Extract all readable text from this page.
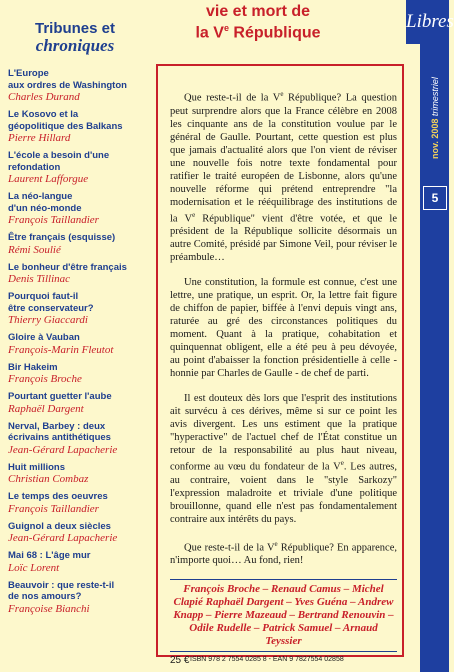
Libres
nov. 2008 trimestriel
5
Tribunes et
chroniques
L'Europe
aux ordres de Washington
Charles Durand
Le Kosovo et la
géopolitique des Balkans
Pierre Hillard
L'école a besoin d'une
refondation
Laurent Lafforgue
La néo-langue
d'un néo-monde
François Taillandier
Être français (esquisse)
Rémi Soulié
Le bonheur d'être français
Denis Tillinac
Pourquoi faut-il
être conservateur?
Thierry Giaccardi
Gloire à Vauban
François-Marin Fleutot
Bir Hakeim
François Broche
Pourtant guetter l'aube
Raphaël Dargent
Nerval, Barbey : deux
écrivains antithétiques
Jean-Gérard Lapacherie
Huit millions
Christian Combaz
Le temps des oeuvres
François Taillandier
Guignol a deux siècles
Jean-Gérard Lapacherie
Mai 68 : L'âge mur
Loïc Lorent
Beauvoir : que reste-t-il
de nos amours?
Françoise Bianchi
vie et mort de
la Ve République

Que reste-t-il de la Ve République? La question peut surprendre alors que la France célèbre en 2008 les cinquante ans de la constitution voulue par le général de Gaulle. Pourtant, cette question est plus que jamais d'actualité alors que l'on vient de réviser une nouvelle fois notre texte fondamental pour ratifier le traité européen de Lisbonne, alors qu'une nouvelle réforme qui prétend entreprendre "la modernisation et le rééquilibrage des institutions de la Ve République" vient d'être votée, et que le président de la République sollicite désormais un autre Comité, présidé par Simone Veil, pour réviser le préambule…

Une constitution, la formule est connue, c'est une lettre, une pratique, un esprit. Or, la lettre fait figure de chiffon de papier, biffée à l'envi depuis vingt ans, raturée au gré des circonstances politiques du moment. Quant à la pratique, cohabitation et quinquennat obligent, elle a été peu à peu dévoyée, au point d'abaisser la fonction présidentielle à celle - honnie par Charles de Gaulle - de chef de parti.

Il est douteux dès lors que l'esprit des institutions ait survécu à ces dérives, même si sur ce point les avis divergent. Les uns estiment que la pratique "hyperactive" de l'actuel chef de l'État constitue un retour de la responsabilité au plus haut niveau, conforme au vœu du fondateur de la Ve. Les autres, au contraire, voient dans le "style Sarkozy" l'expression maladroite et triviale d'une politique brouillonne, quand elle n'est pas fondamentalement contraire aux intérêts du pays.

Que reste-t-il de la Ve République? En apparence, n'importe quoi… Au fond, rien!

François Broche – Renaud Camus – Michel Clapié Raphaël Dargent – Yves Guéna – Andrew Knapp – Pierre Mazeaud – Bertrand Renouvin – Odile Rudelle – Patrick Samuel – Arnaud Teyssier
25 € ISBN 978 2 7554 0285 8 - EAN 9 7827554 02858
